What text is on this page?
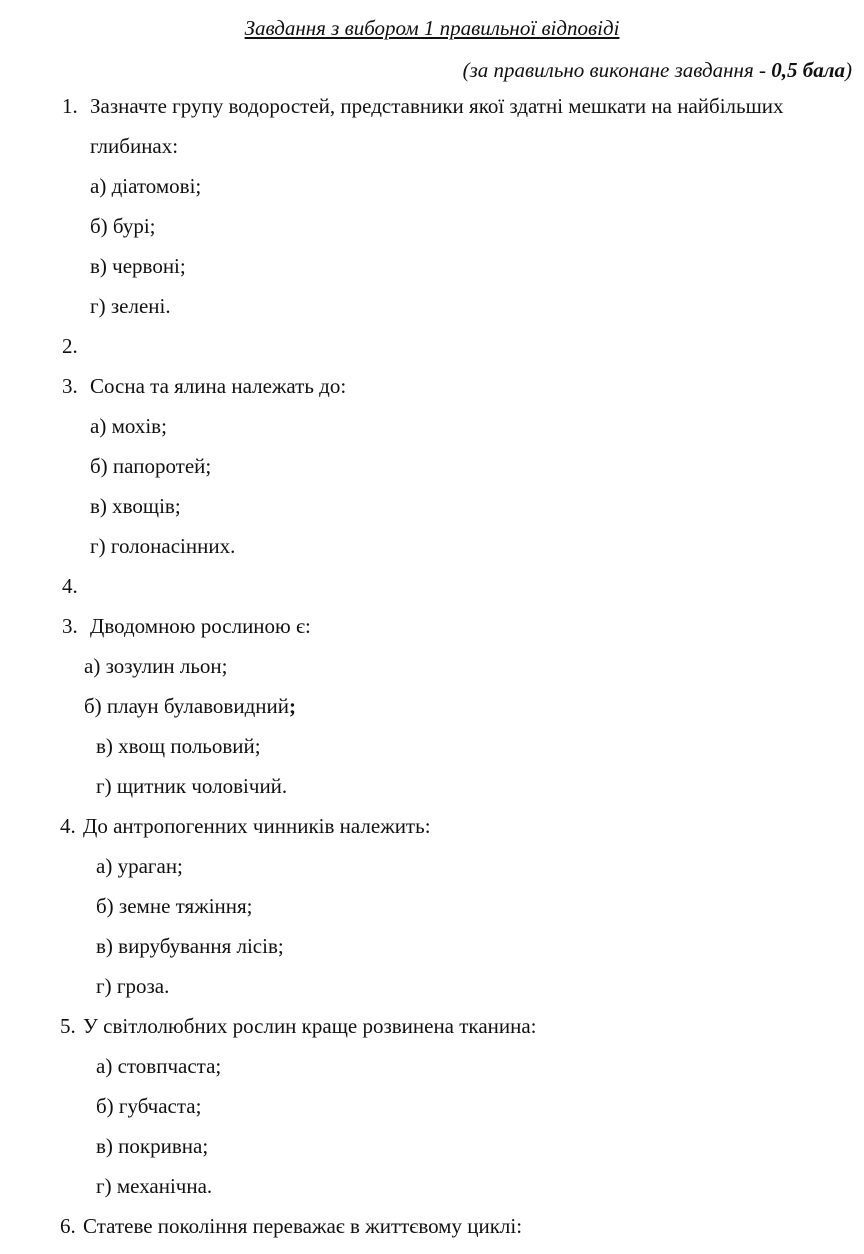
Завдання з вибором 1 правильної відповіді
(за правильно виконане завдання - 0,5 бала)
1. Зазначте групу водоростей, представники якої здатні мешкати на найбільших
глибинах:
а) діатомові;
б) бурі;
в) червоні;
г) зелені.
2.
3. Сосна та ялина належать до:
а) мохів;
б) папоротей;
в) хвощів;
г) голонасінних.
4.
3. Дводомною рослиною є:
а) зозулин льон;
б) плаун булавовидний;
в) хвощ польовий;
г) щитник чоловічий.
4. До антропогенних чинників належить:
а) ураган;
б) земне тяжіння;
в) вирубування лісів;
г) гроза.
5. У світлолюбних рослин краще розвинена тканина:
а) стовпчаста;
б) губчаста;
в) покривна;
г) механічна.
6. Статеве покоління переважає в життєвому циклі:
